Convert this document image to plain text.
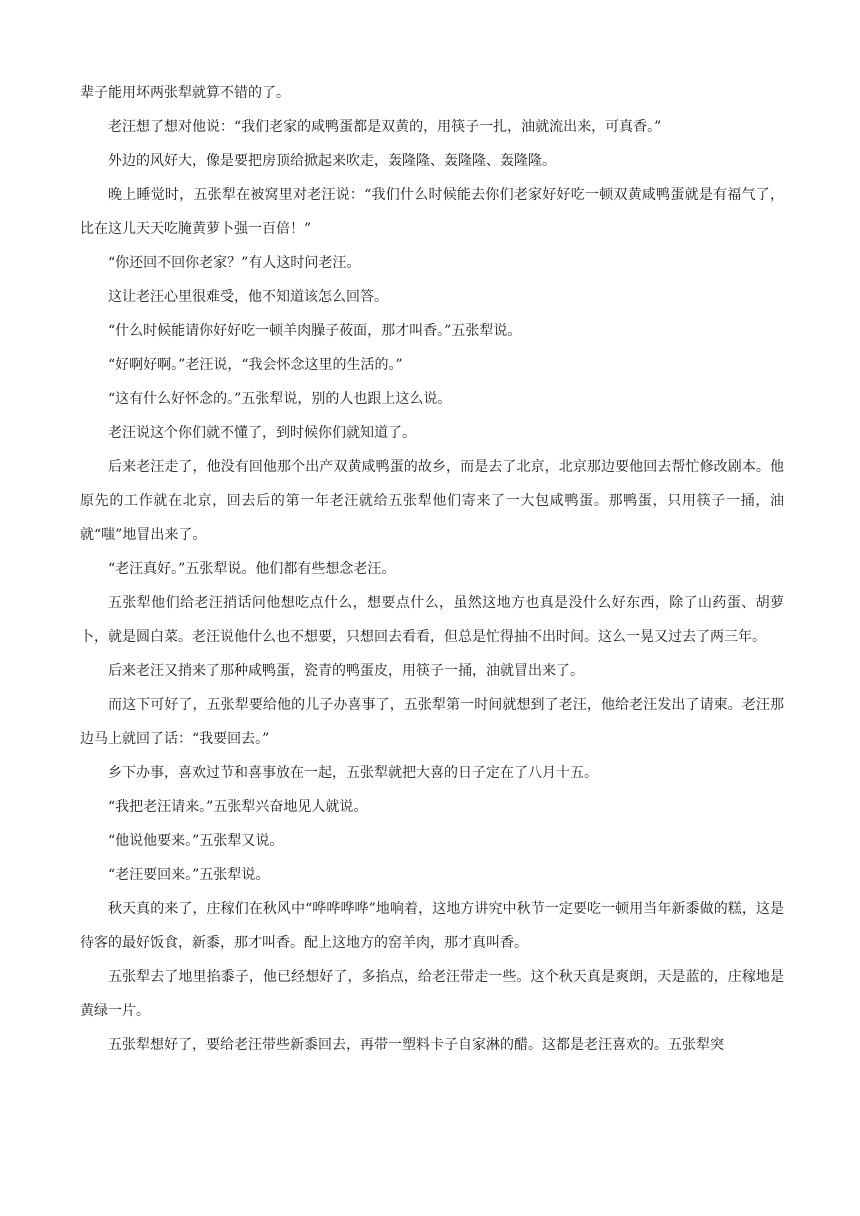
辈子能用坏两张犁就算不错的了。

老汪想了想对他说：“我们老家的咸鸭蛋都是双黄的，用筷子一扎，油就流出来，可真香。”

外边的风好大，像是要把房顶给掀起来吹走，轰隆隆、轰隆隆、轰隆隆。

晚上睡觉时，五张犁在被窝里对老汪说：“我们什么时候能去你们老家好好吃一顿双黄咸鸭蛋就是有福气了，比在这儿天天吃腌黄萝卜强一百倍！”

“你还回不回你老家？”有人这时问老汪。

这让老汪心里很难受，他不知道该怎么回答。

“什么时候能请你好好吃一顿羊肉臊子莜面，那才叫香。”五张犁说。

“好啊好啊。”老汪说，“我会怀念这里的生活的。”

“这有什么好怀念的。”五张犁说，别的人也跟上这么说。

老汪说这个你们就不懂了，到时候你们就知道了。

后来老汪走了，他没有回他那个出产双黄咸鸭蛋的故乡，而是去了北京，北京那边要他回去帮忙修改剧本。他原先的工作就在北京，回去后的第一年老汪就给五张犁他们寄来了一大包咸鸭蛋。那鸭蛋，只用筷子一捅，油就“嗤”地冒出来了。

“老汪真好。”五张犁说。他们都有些想念老汪。

五张犁他们给老汪捎话问他想吃点什么，想要点什么，虽然这地方也真是没什么好东西，除了山药蛋、胡萝卜，就是圆白菜。老汪说他什么也不想要，只想回去看看，但总是忙得抽不出时间。这么一晃又过去了两三年。

后来老汪又捎来了那种咸鸭蛋，瓷青的鸭蛋皮，用筷子一捅，油就冒出来了。

而这下可好了，五张犁要给他的儿子办喜事了，五张犁第一时间就想到了老汪，他给老汪发出了请柬。老汪那边马上就回了话：“我要回去。”

乡下办事，喜欢过节和喜事放在一起，五张犁就把大喜的日子定在了八月十五。

“我把老汪请来。”五张犁兴奋地见人就说。

“他说他要来。”五张犁又说。

“老汪要回来。”五张犁说。

秋天真的来了，庄稼们在秋风中“哗哗哗哗”地响着，这地方讲究中秋节一定要吃一顿用当年新黍做的糕，这是待客的最好饭食，新黍，那才叫香。配上这地方的窑羊肉，那才真叫香。

五张犁去了地里掐黍子，他已经想好了，多掐点，给老汪带走一些。这个秋天真是爽朗，天是蓝的，庄稼地是黄绿一片。

五张犁想好了，要给老汪带些新黍回去，再带一塑料卡子自家淋的醋。这都是老汪喜欢的。五张犁突
